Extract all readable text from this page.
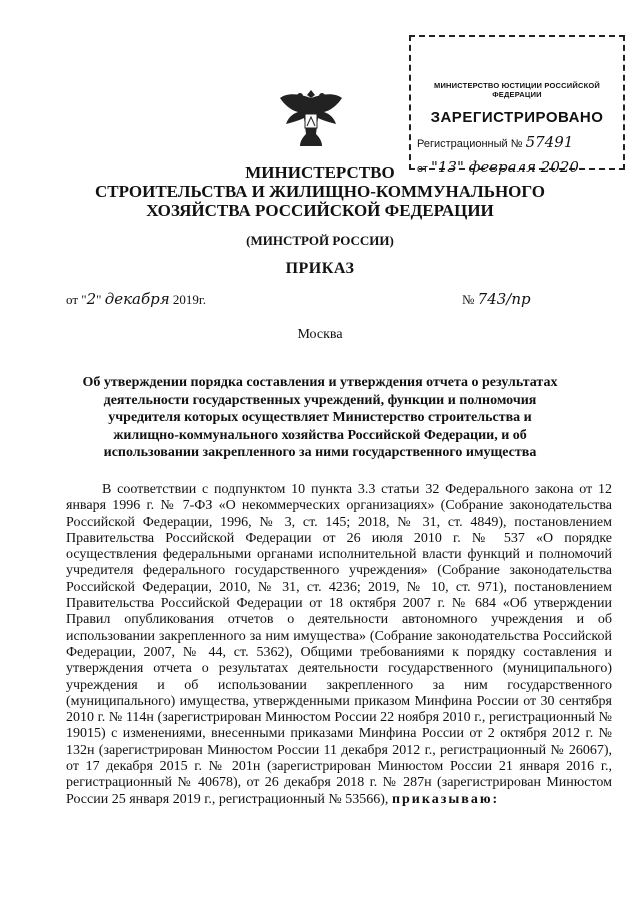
МИНИСТЕРСТВО ЮСТИЦИИ РОССИЙСКОЙ ФЕДЕРАЦИИ
ЗАРЕГИСТРИРОВАНО
Регистрационный № 57491
от "13" февраля 2020
МИНИСТЕРСТВО
СТРОИТЕЛЬСТВА И ЖИЛИЩНО-КОММУНАЛЬНОГО
ХОЗЯЙСТВА РОССИЙСКОЙ ФЕДЕРАЦИИ
(МИНСТРОЙ РОССИИ)
ПРИКАЗ
от "2" декабря 2019г.	№ 743/пр
Москва
Об утверждении порядка составления и утверждения отчета о результатах деятельности государственных учреждений, функции и полномочия учредителя которых осуществляет Министерство строительства и жилищно-коммунального хозяйства Российской Федерации, и об использовании закрепленного за ними государственного имущества

В соответствии с подпунктом 10 пункта 3.3 статьи 32 Федерального закона от 12 января 1996 г. № 7-ФЗ «О некоммерческих организациях» (Собрание законодательства Российской Федерации, 1996, № 3, ст. 145; 2018, № 31, ст. 4849), постановлением Правительства Российской Федерации от 26 июля 2010 г. № 537 «О порядке осуществления федеральными органами исполнительной власти функций и полномочий учредителя федерального государственного учреждения» (Собрание законодательства Российской Федерации, 2010, № 31, ст. 4236; 2019, № 10, ст. 971), постановлением Правительства Российской Федерации от 18 октября 2007 г. № 684 «Об утверждении Правил опубликования отчетов о деятельности автономного учреждения и об использовании закрепленного за ним имущества» (Собрание законодательства Российской Федерации, 2007, № 44, ст. 5362), Общими требованиями к порядку составления и утверждения отчета о результатах деятельности государственного (муниципального) учреждения и об использовании закрепленного за ним государственного (муниципального) имущества, утвержденными приказом Минфина России от 30 сентября 2010 г. № 114н (зарегистрирован Минюстом России 22 ноября 2010 г., регистрационный № 19015) с изменениями, внесенными приказами Минфина России от 2 октября 2012 г. № 132н (зарегистрирован Минюстом России 11 декабря 2012 г., регистрационный № 26067), от 17 декабря 2015 г. № 201н (зарегистрирован Минюстом России 21 января 2016 г., регистрационный № 40678), от 26 декабря 2018 г. № 287н (зарегистрирован Минюстом России 25 января 2019 г., регистрационный № 53566), приказываю:
